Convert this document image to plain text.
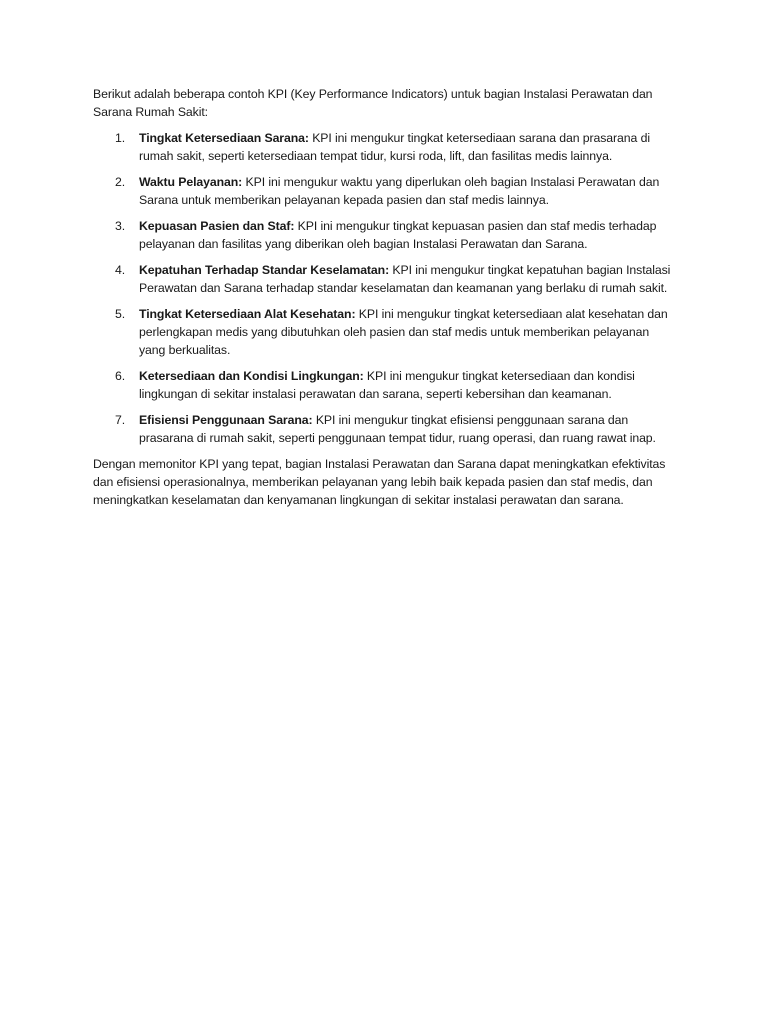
Berikut adalah beberapa contoh KPI (Key Performance Indicators) untuk bagian Instalasi Perawatan dan Sarana Rumah Sakit:

1.	Tingkat Ketersediaan Sarana: KPI ini mengukur tingkat ketersediaan sarana dan prasarana di rumah sakit, seperti ketersediaan tempat tidur, kursi roda, lift, dan fasilitas medis lainnya.
2.	Waktu Pelayanan: KPI ini mengukur waktu yang diperlukan oleh bagian Instalasi Perawatan dan Sarana untuk memberikan pelayanan kepada pasien dan staf medis lainnya.
3.	Kepuasan Pasien dan Staf: KPI ini mengukur tingkat kepuasan pasien dan staf medis terhadap pelayanan dan fasilitas yang diberikan oleh bagian Instalasi Perawatan dan Sarana.
4.	Kepatuhan Terhadap Standar Keselamatan: KPI ini mengukur tingkat kepatuhan bagian Instalasi Perawatan dan Sarana terhadap standar keselamatan dan keamanan yang berlaku di rumah sakit.
5.	Tingkat Ketersediaan Alat Kesehatan: KPI ini mengukur tingkat ketersediaan alat kesehatan dan perlengkapan medis yang dibutuhkan oleh pasien dan staf medis untuk memberikan pelayanan yang berkualitas.
6.	Ketersediaan dan Kondisi Lingkungan: KPI ini mengukur tingkat ketersediaan dan kondisi lingkungan di sekitar instalasi perawatan dan sarana, seperti kebersihan dan keamanan.
7.	Efisiensi Penggunaan Sarana: KPI ini mengukur tingkat efisiensi penggunaan sarana dan prasarana di rumah sakit, seperti penggunaan tempat tidur, ruang operasi, dan ruang rawat inap.

Dengan memonitor KPI yang tepat, bagian Instalasi Perawatan dan Sarana dapat meningkatkan efektivitas dan efisiensi operasionalnya, memberikan pelayanan yang lebih baik kepada pasien dan staf medis, dan meningkatkan keselamatan dan kenyamanan lingkungan di sekitar instalasi perawatan dan sarana.
